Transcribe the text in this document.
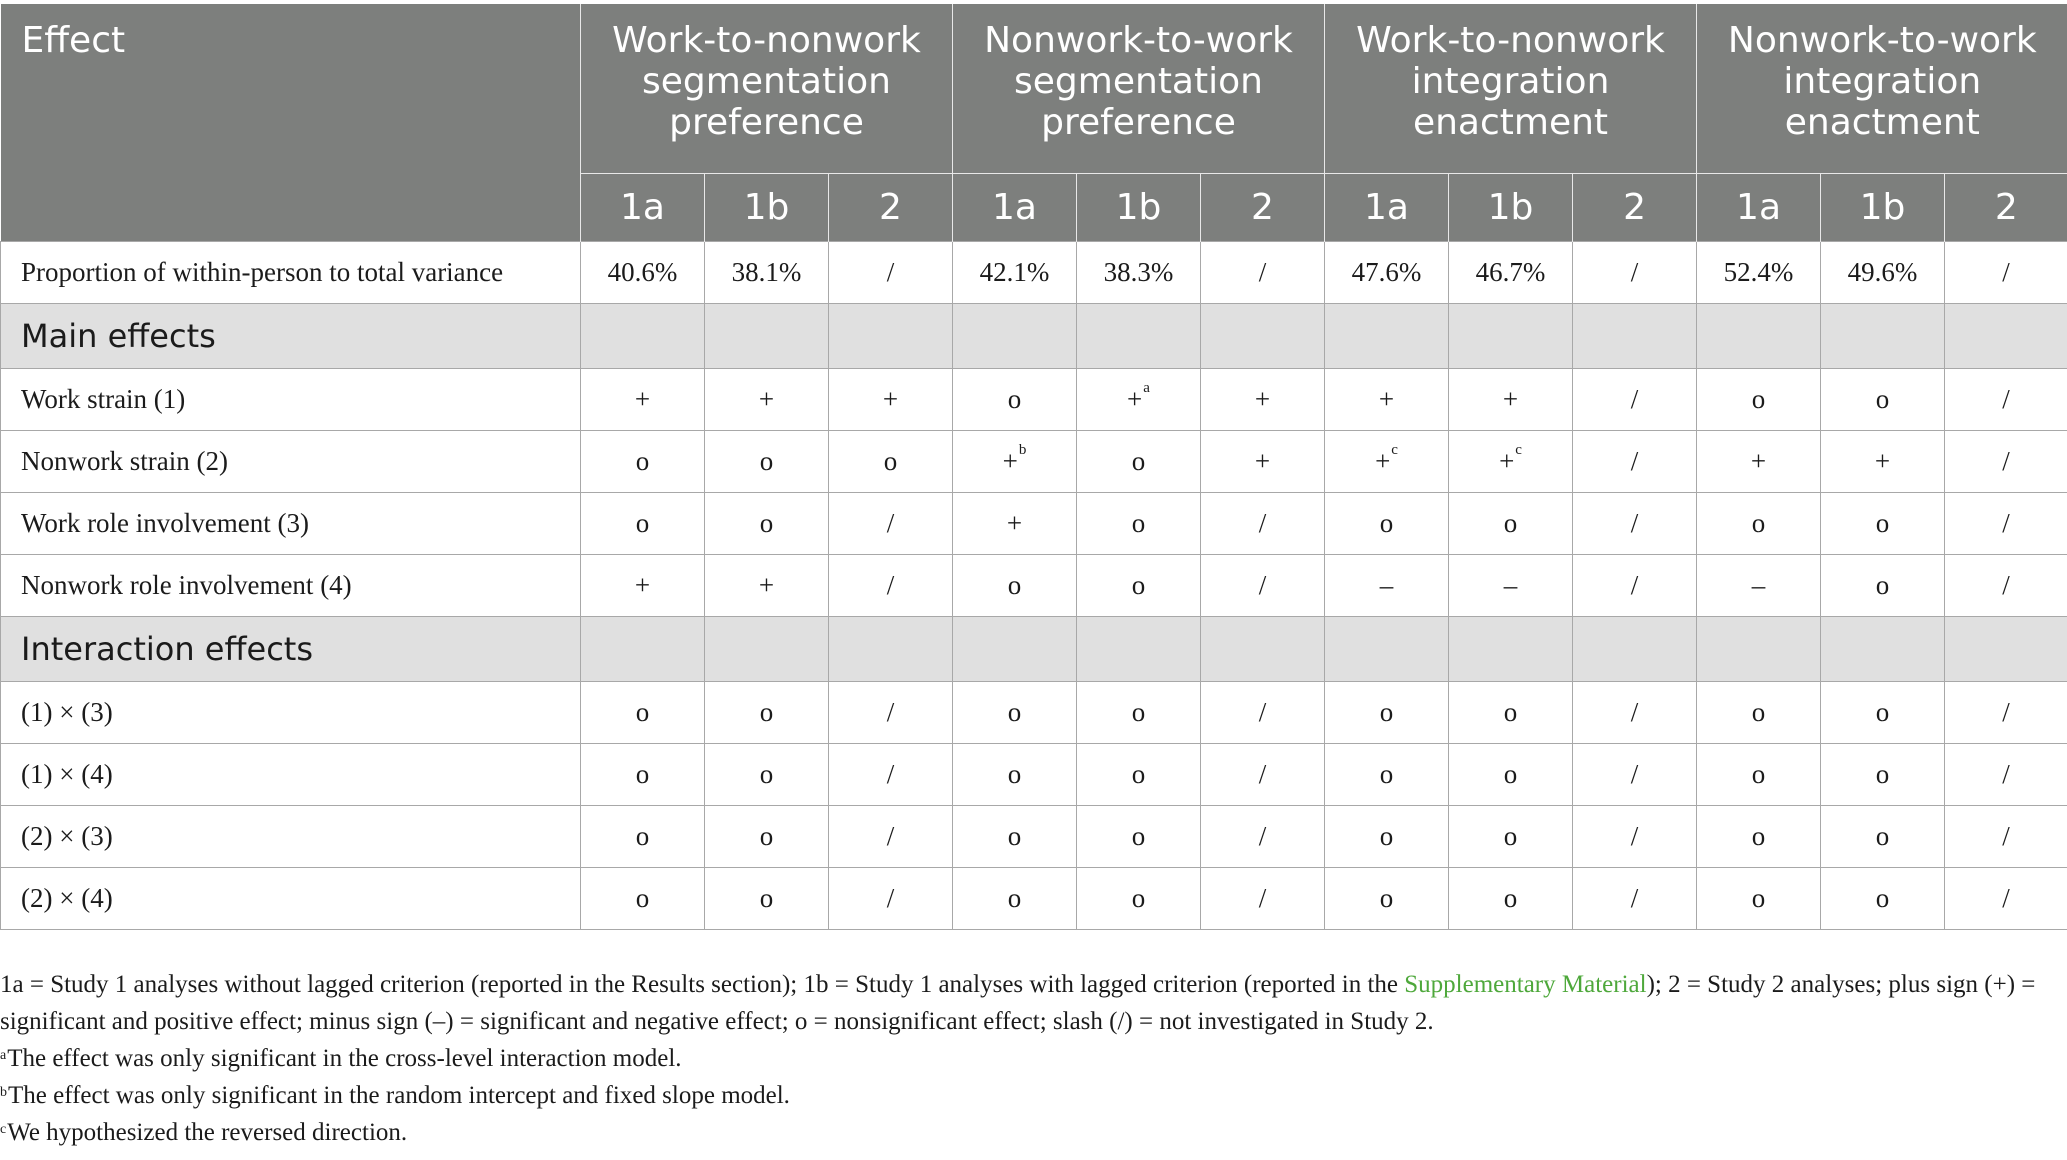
Effect	Work-to-nonwork segmentation preference			Nonwork-to-work segmentation preference			Work-to-nonwork integration enactment			Nonwork-to-work integration enactment		
	1a	1b	2	1a	1b	2	1a	1b	2	1a	1b	2
Proportion of within-person to total variance	40.6%	38.1%	/	42.1%	38.3%	/	47.6%	46.7%	/	52.4%	49.6%	/
Main effects												
Work strain (1)	+	+	+	o	+$^a$	+	+	+	/	o	o	/
Nonwork strain (2)	o	o	o	+$^b$	o	+	+$^c$	+$^c$	/	+	+	/
Work role involvement (3)	o	o	/	+	o	/	o	o	/	o	o	/
Nonwork role involvement (4)	+	+	/	o	o	/	–	–	/	–	o	/
Interaction effects												
(1) × (3)	o	o	/	o	o	/	o	o	/	o	o	/
(1) × (4)	o	o	/	o	o	/	o	o	/	o	o	/
(2) × (3)	o	o	/	o	o	/	o	o	/	o	o	/
(2) × (4)	o	o	/	o	o	/	o	o	/	o	o	/

1a = Study 1 analyses without lagged criterion (reported in the Results section); 1b = Study 1 analyses with lagged criterion (reported in the Supplementary Material); 2 = Study 2 analyses; plus sign (+) = significant and positive effect; minus sign (–) = significant and negative effect; o = nonsignificant effect; slash (/) = not investigated in Study 2.

$^a$The effect was only significant in the cross-level interaction model.

$^b$The effect was only significant in the random intercept and fixed slope model.

$^c$We hypothesized the reversed direction.
